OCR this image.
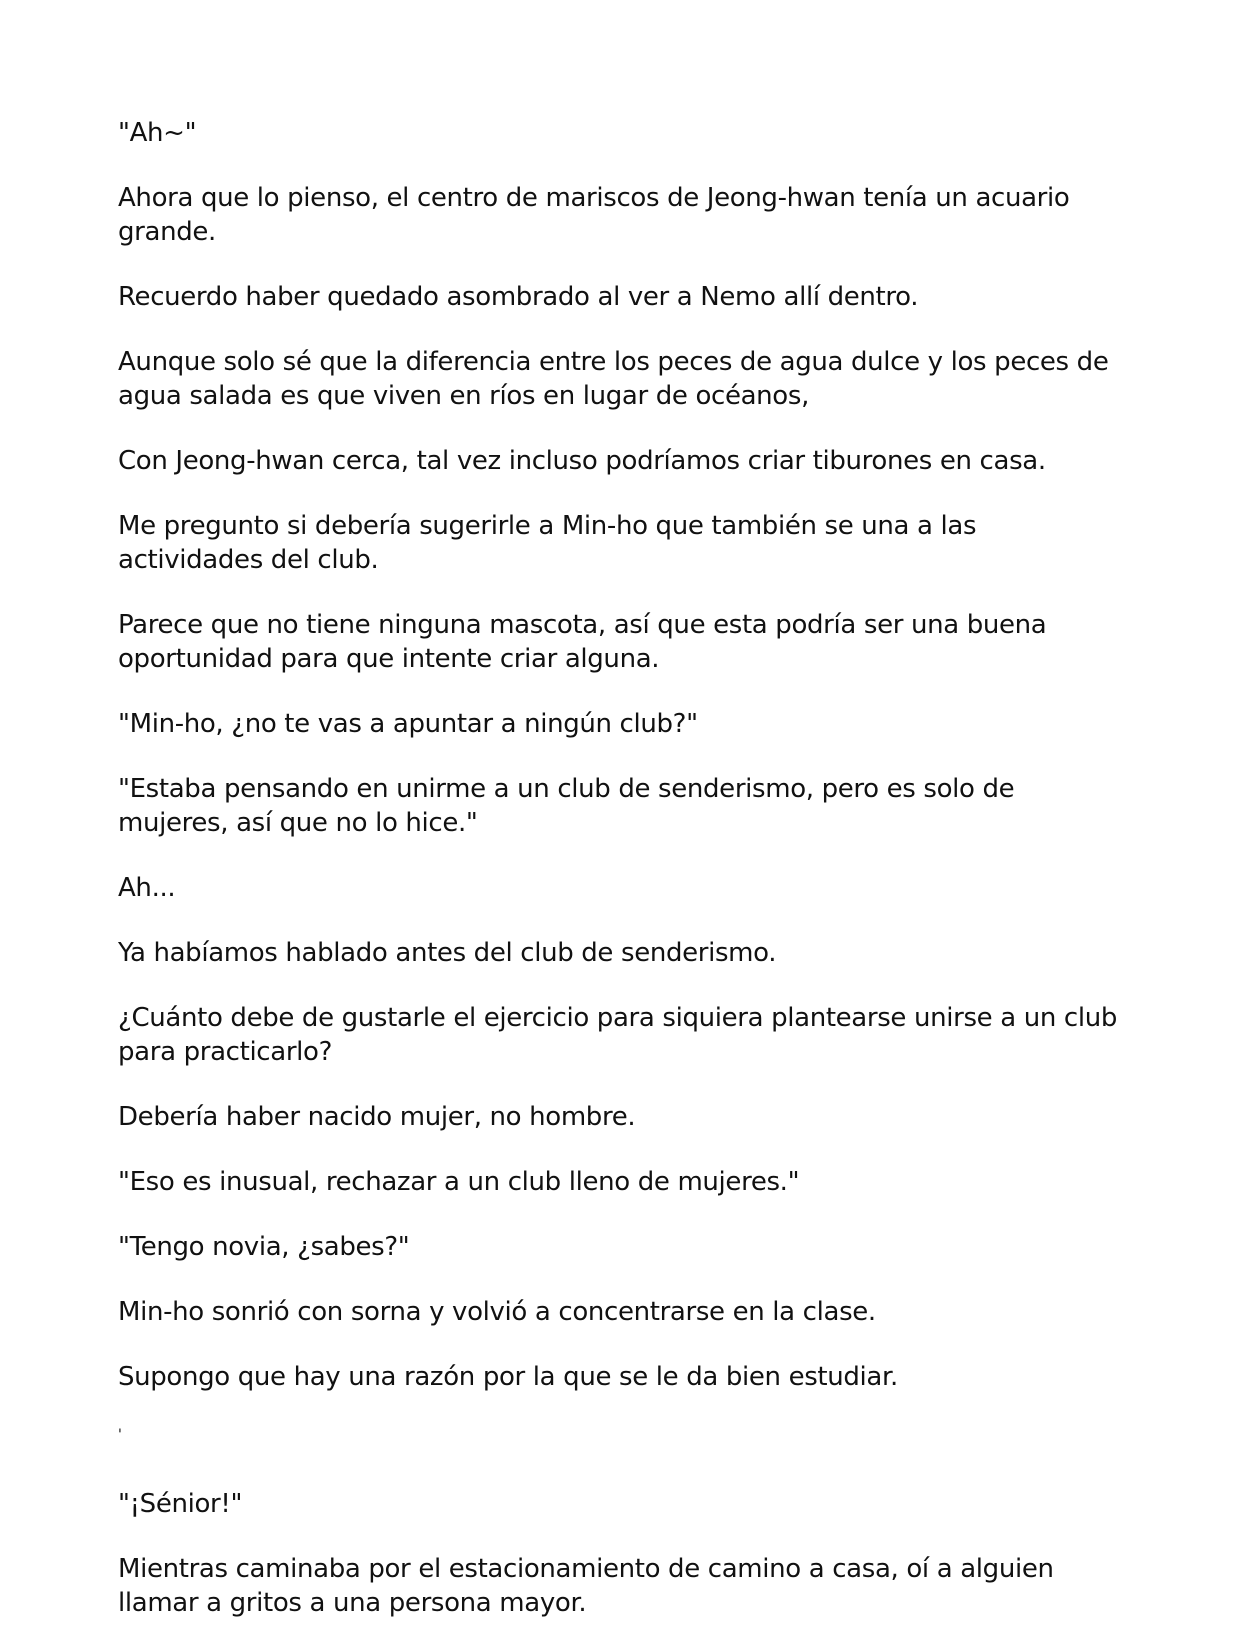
"Ah~"

Ahora que lo pienso, el centro de mariscos de Jeong-hwan tenía un acuario grande.

Recuerdo haber quedado asombrado al ver a Nemo allí dentro.

Aunque solo sé que la diferencia entre los peces de agua dulce y los peces de agua salada es que viven en ríos en lugar de océanos,

Con Jeong-hwan cerca, tal vez incluso podríamos criar tiburones en casa.

Me pregunto si debería sugerirle a Min-ho que también se una a las actividades del club.

Parece que no tiene ninguna mascota, así que esta podría ser una buena oportunidad para que intente criar alguna.

"Min-ho, ¿no te vas a apuntar a ningún club?"

"Estaba pensando en unirme a un club de senderismo, pero es solo de mujeres, así que no lo hice."

Ah...

Ya habíamos hablado antes del club de senderismo.

¿Cuánto debe de gustarle el ejercicio para siquiera plantearse unirse a un club para practicarlo?

Debería haber nacido mujer, no hombre.

"Eso es inusual, rechazar a un club lleno de mujeres."

"Tengo novia, ¿sabes?"

Min-ho sonrió con sorna y volvió a concentrarse en la clase.

Supongo que hay una razón por la que se le da bien estudiar.

'

"¡Sénior!"

Mientras caminaba por el estacionamiento de camino a casa, oí a alguien llamar a gritos a una persona mayor.
